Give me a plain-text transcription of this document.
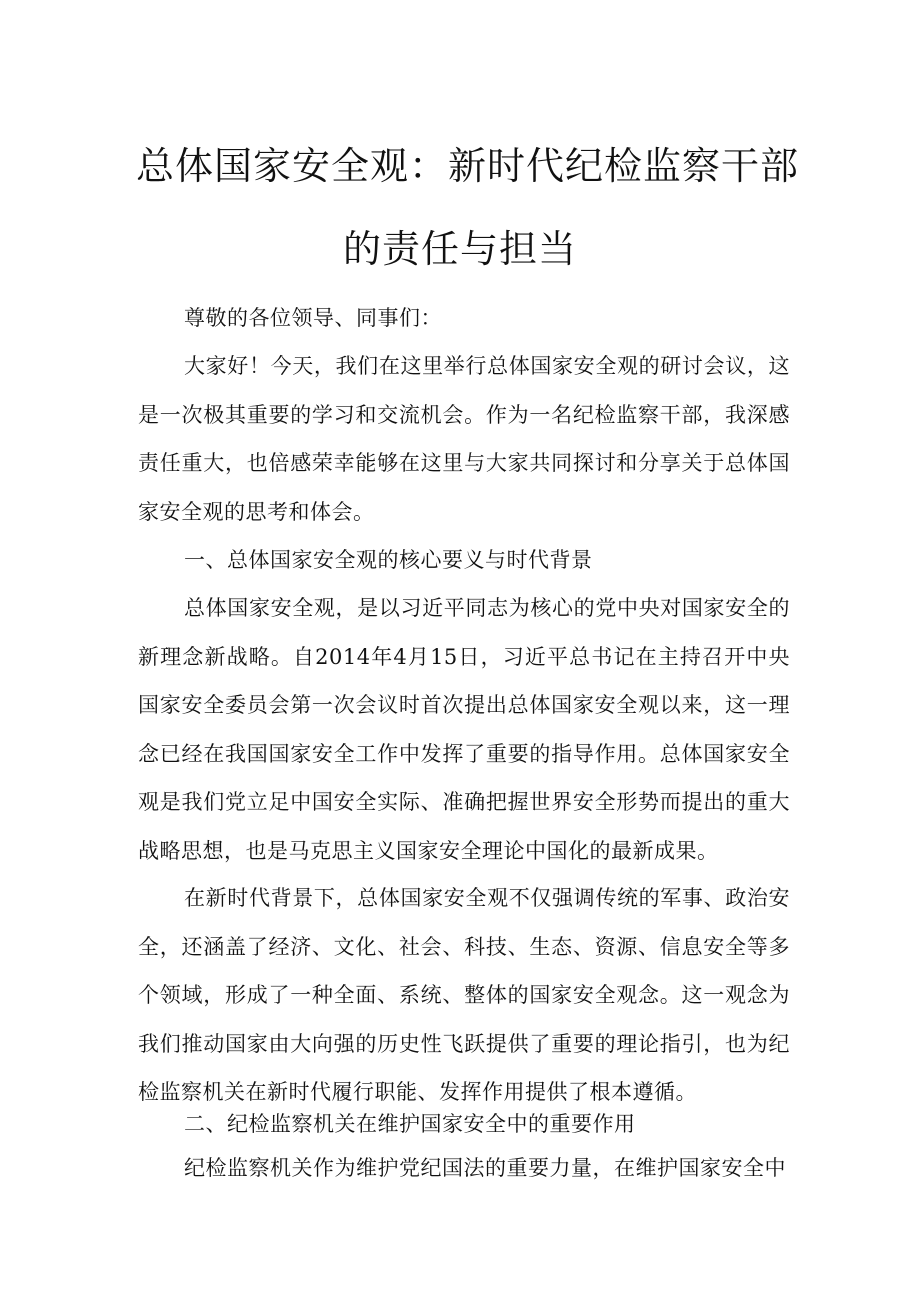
总体国家安全观：新时代纪检监察干部
的责任与担当

尊敬的各位领导、同事们：

大家好！今天，我们在这里举行总体国家安全观的研讨会议，这是一次极其重要的学习和交流机会。作为一名纪检监察干部，我深感责任重大，也倍感荣幸能够在这里与大家共同探讨和分享关于总体国家安全观的思考和体会。

一、总体国家安全观的核心要义与时代背景

总体国家安全观，是以习近平同志为核心的党中央对国家安全的新理念新战略。自2014年4月15日，习近平总书记在主持召开中央国家安全委员会第一次会议时首次提出总体国家安全观以来，这一理念已经在我国国家安全工作中发挥了重要的指导作用。总体国家安全观是我们党立足中国安全实际、准确把握世界安全形势而提出的重大战略思想，也是马克思主义国家安全理论中国化的最新成果。

在新时代背景下，总体国家安全观不仅强调传统的军事、政治安全，还涵盖了经济、文化、社会、科技、生态、资源、信息安全等多个领域，形成了一种全面、系统、整体的国家安全观念。这一观念为我们推动国家由大向强的历史性飞跃提供了重要的理论指引，也为纪检监察机关在新时代履行职能、发挥作用提供了根本遵循。

二、纪检监察机关在维护国家安全中的重要作用

纪检监察机关作为维护党纪国法的重要力量，在维护国家安全中
